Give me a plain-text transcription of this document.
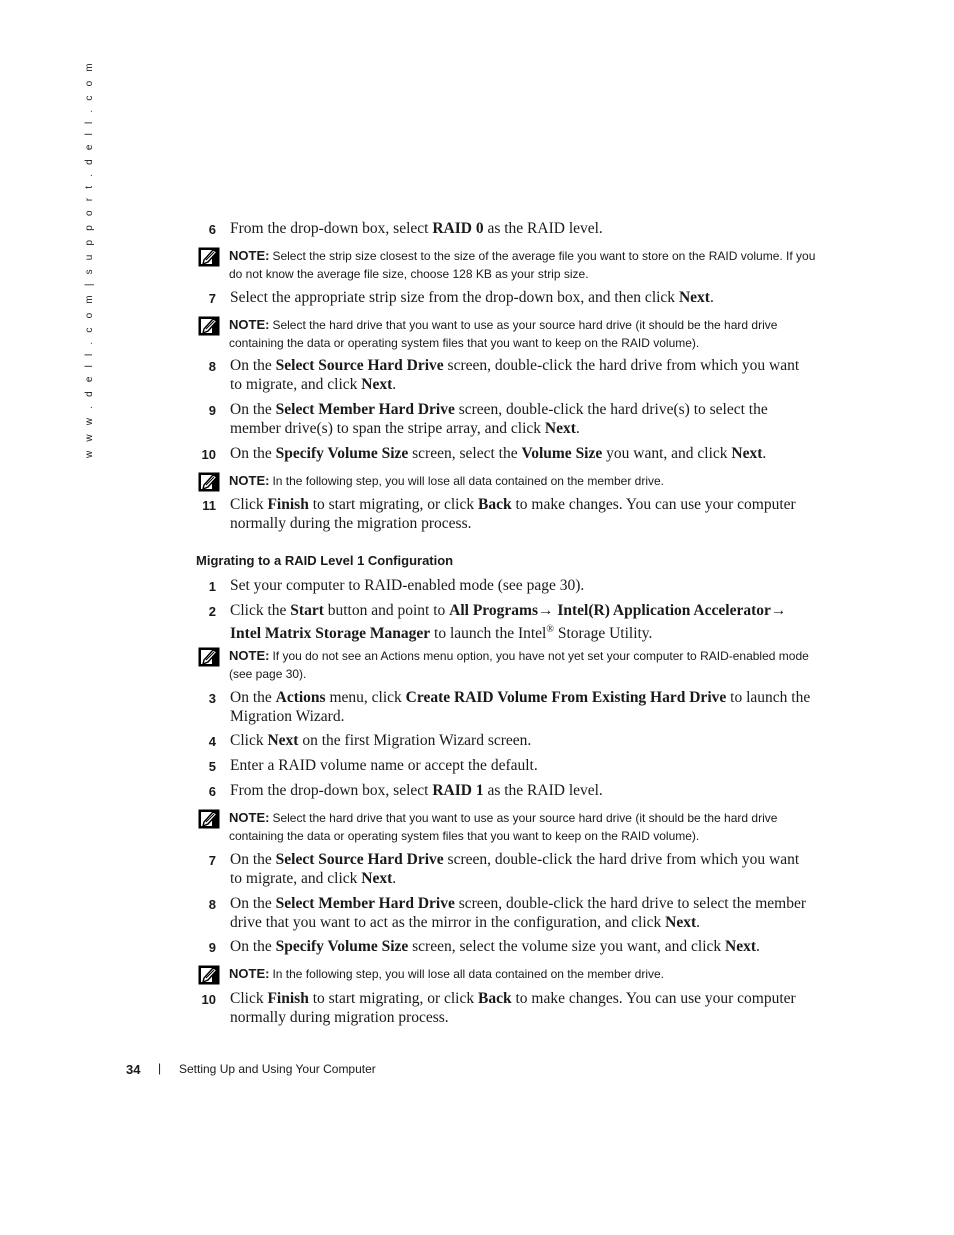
w w w . d e l l . c o m | s u p p o r t . d e l l . c o m	6 From the drop-down box, select RAID 0 as the RAID level.
NOTE: Select the strip size closest to the size of the average file you want to store on the RAID volume. If you do not know the average file size, choose 128 KB as your strip size.
7 Select the appropriate strip size from the drop-down box, and then click Next.
NOTE: Select the hard drive that you want to use as your source hard drive (it should be the hard drive containing the data or operating system files that you want to keep on the RAID volume).
8 On the Select Source Hard Drive screen, double-click the hard drive from which you want to migrate, and click Next.
9 On the Select Member Hard Drive screen, double-click the hard drive(s) to select the member drive(s) to span the stripe array, and click Next.
10 On the Specify Volume Size screen, select the Volume Size you want, and click Next.
NOTE: In the following step, you will lose all data contained on the member drive.
11 Click Finish to start migrating, or click Back to make changes. You can use your computer normally during the migration process.
1 Set your computer to RAID-enabled mode (see page 30).
2 Click the Start button and point to All Programs→ Intel(R) Application Accelerator→ Intel Matrix Storage Manager to launch the Intel® Storage Utility.
NOTE: If you do not see an Actions menu option, you have not yet set your computer to RAID-enabled mode (see page 30).
3 On the Actions menu, click Create RAID Volume From Existing Hard Drive to launch the Migration Wizard.
4 Click Next on the first Migration Wizard screen.
5 Enter a RAID volume name or accept the default.
6 From the drop-down box, select RAID 1 as the RAID level.
NOTE: Select the hard drive that you want to use as your source hard drive (it should be the hard drive containing the data or operating system files that you want to keep on the RAID volume).
7 On the Select Source Hard Drive screen, double-click the hard drive from which you want to migrate, and click Next.
8 On the Select Member Hard Drive screen, double-click the hard drive to select the member drive that you want to act as the mirror in the configuration, and click Next.
9 On the Specify Volume Size screen, select the volume size you want, and click Next.
NOTE: In the following step, you will lose all data contained on the member drive.
10 Click Finish to start migrating, or click Back to make changes. You can use your computer normally during migration process.
Migrating to a RAID Level 1 Configuration
34 | Setting Up and Using Your Computer
